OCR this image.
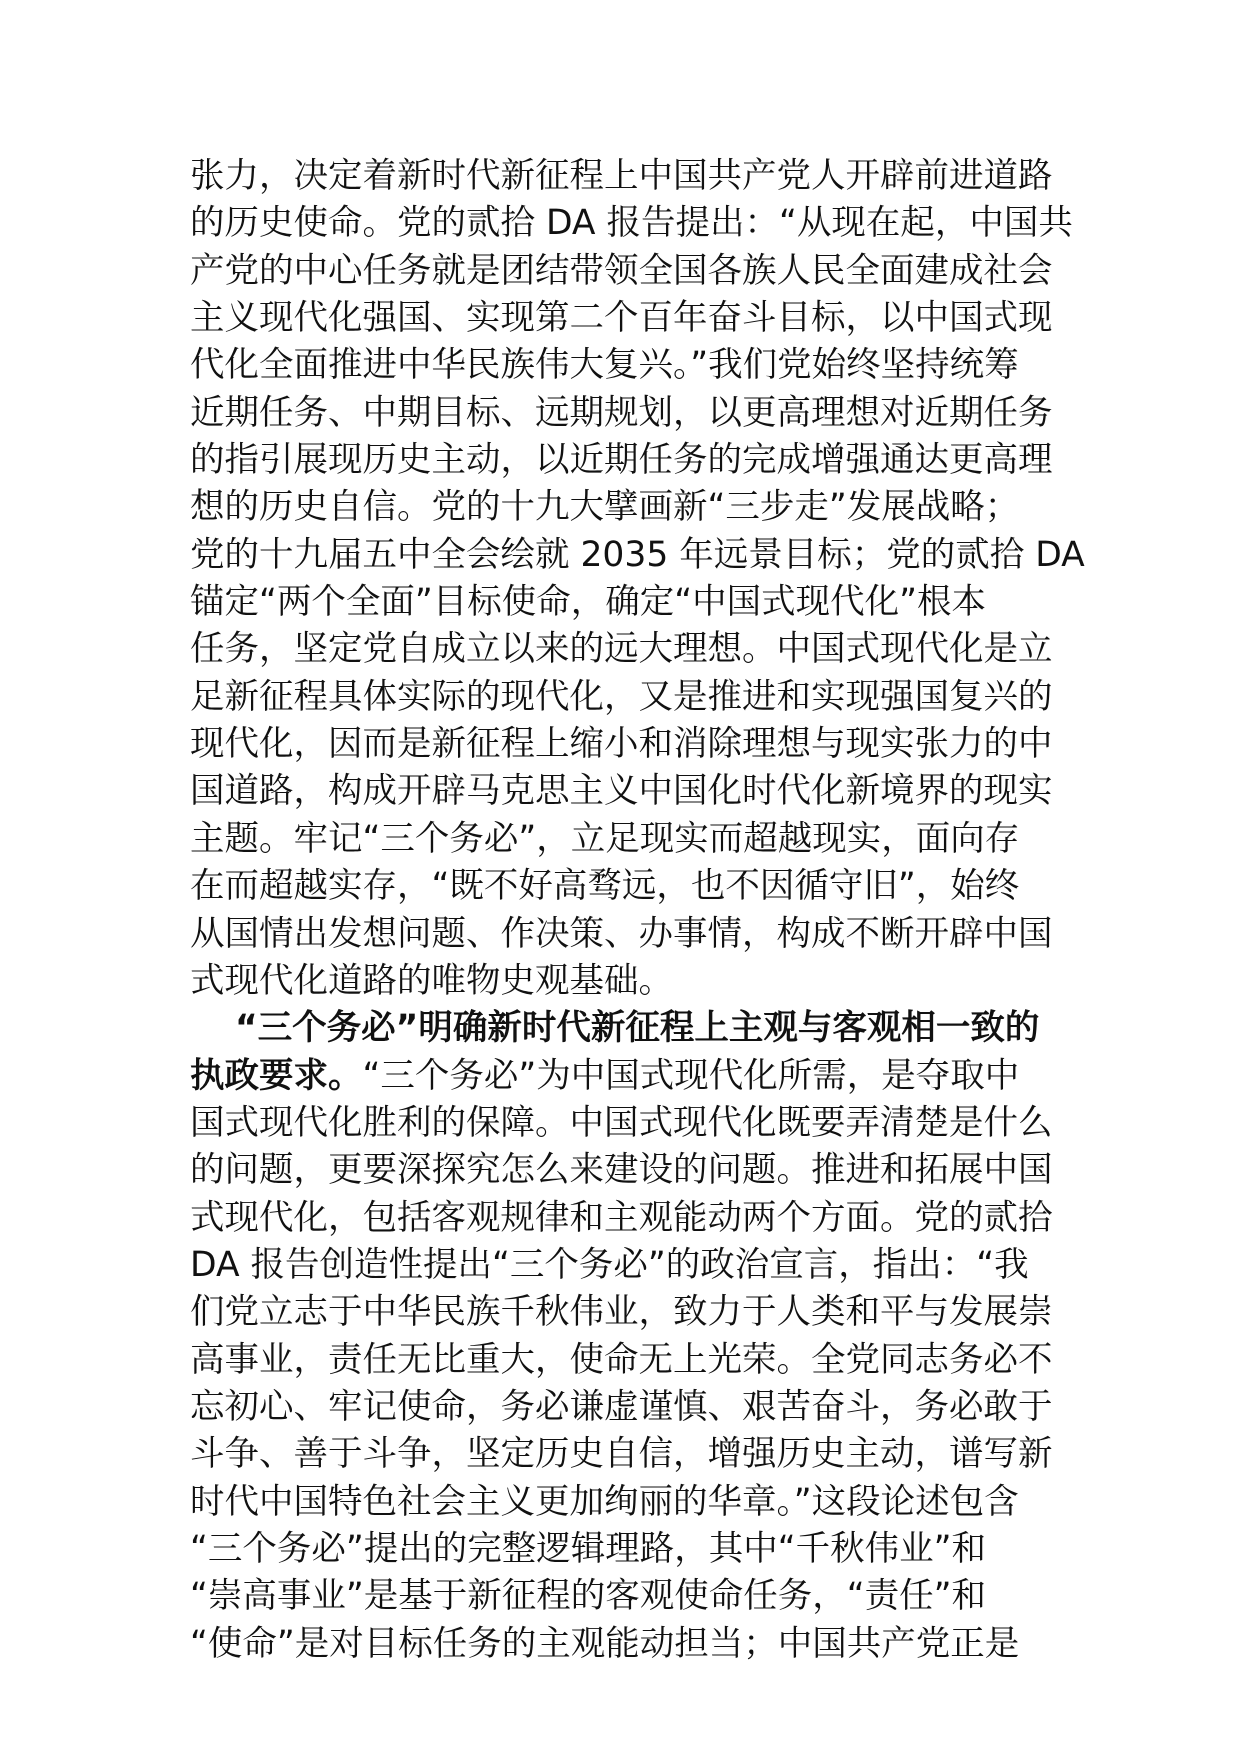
张力，决定着新时代新征程上中国共产党人开辟前进道路
的历史使命。党的贰拾 DA 报告提出：“从现在起，中国共
产党的中心任务就是团结带领全国各族人民全面建成社会
主义现代化强国、实现第二个百年奋斗目标，以中国式现
代化全面推进中华民族伟大复兴。”我们党始终坚持统筹
近期任务、中期目标、远期规划，以更高理想对近期任务
的指引展现历史主动，以近期任务的完成增强通达更高理
想的历史自信。党的十九大擘画新“三步走”发展战略；
党的十九届五中全会绘就 2035 年远景目标；党的贰拾 DA
锚定“两个全面”目标使命，确定“中国式现代化”根本
任务，坚定党自成立以来的远大理想。中国式现代化是立
足新征程具体实际的现代化，又是推进和实现强国复兴的
现代化，因而是新征程上缩小和消除理想与现实张力的中
国道路，构成开辟马克思主义中国化时代化新境界的现实
主题。牢记“三个务必”，立足现实而超越现实，面向存
在而超越实存，“既不好高骛远，也不因循守旧”，始终
从国情出发想问题、作决策、办事情，构成不断开辟中国
式现代化道路的唯物史观基础。
“三个务必”明确新时代新征程上主观与客观相一致的
执政要求。“三个务必”为中国式现代化所需，是夺取中
国式现代化胜利的保障。中国式现代化既要弄清楚是什么
的问题，更要深探究怎么来建设的问题。推进和拓展中国
式现代化，包括客观规律和主观能动两个方面。党的贰拾
DA 报告创造性提出“三个务必”的政治宣言，指出：“我
们党立志于中华民族千秋伟业，致力于人类和平与发展崇
高事业，责任无比重大，使命无上光荣。全党同志务必不
忘初心、牢记使命，务必谦虚谨慎、艰苦奋斗，务必敢于
斗争、善于斗争，坚定历史自信，增强历史主动，谱写新
时代中国特色社会主义更加绚丽的华章。”这段论述包含
“三个务必”提出的完整逻辑理路，其中“千秋伟业”和
“崇高事业”是基于新征程的客观使命任务，“责任”和
“使命”是对目标任务的主观能动担当；中国共产党正是
